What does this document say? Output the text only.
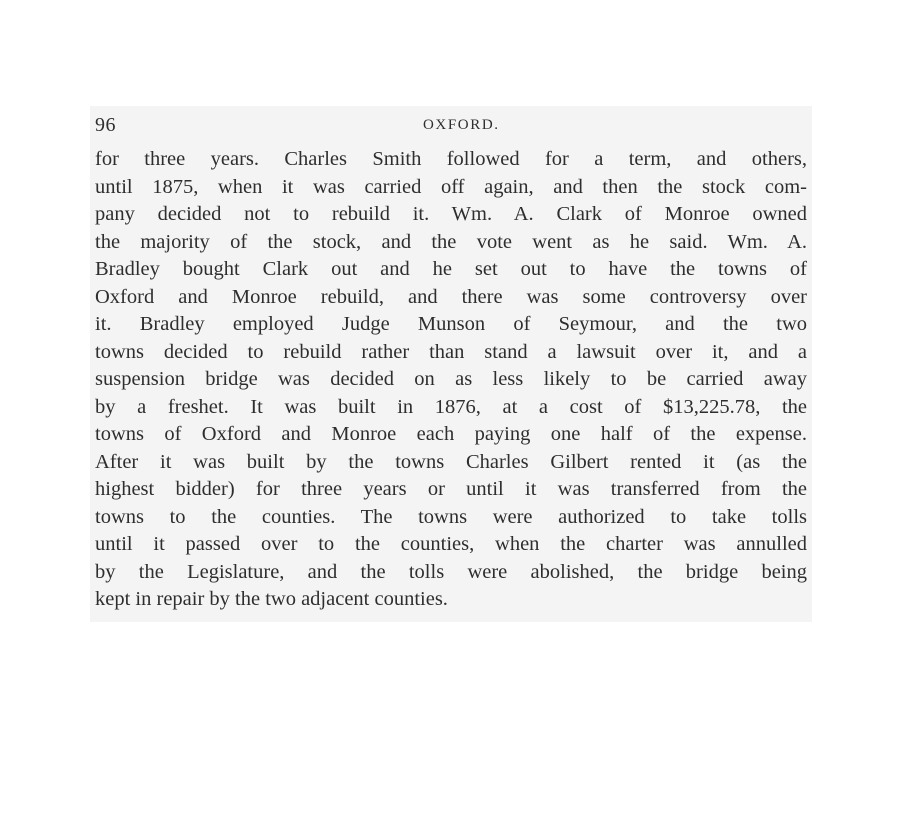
96	OXFORD.
for three years. Charles Smith followed for a term, and others,
until 1875, when it was carried off again, and then the stock com-
pany decided not to rebuild it. Wm. A. Clark of Monroe owned
the majority of the stock, and the vote went as he said. Wm. A.
Bradley bought Clark out and he set out to have the towns of
Oxford and Monroe rebuild, and there was some controversy over
it. Bradley employed Judge Munson of Seymour, and the two
towns decided to rebuild rather than stand a lawsuit over it, and a
suspension bridge was decided on as less likely to be carried away
by a freshet. It was built in 1876, at a cost of $13,225.78, the
towns of Oxford and Monroe each paying one half of the expense.
After it was built by the towns Charles Gilbert rented it (as the
highest bidder) for three years or until it was transferred from the
towns to the counties. The towns were authorized to take tolls
until it passed over to the counties, when the charter was annulled
by the Legislature, and the tolls were abolished, the bridge being
kept in repair by the two adjacent counties.
